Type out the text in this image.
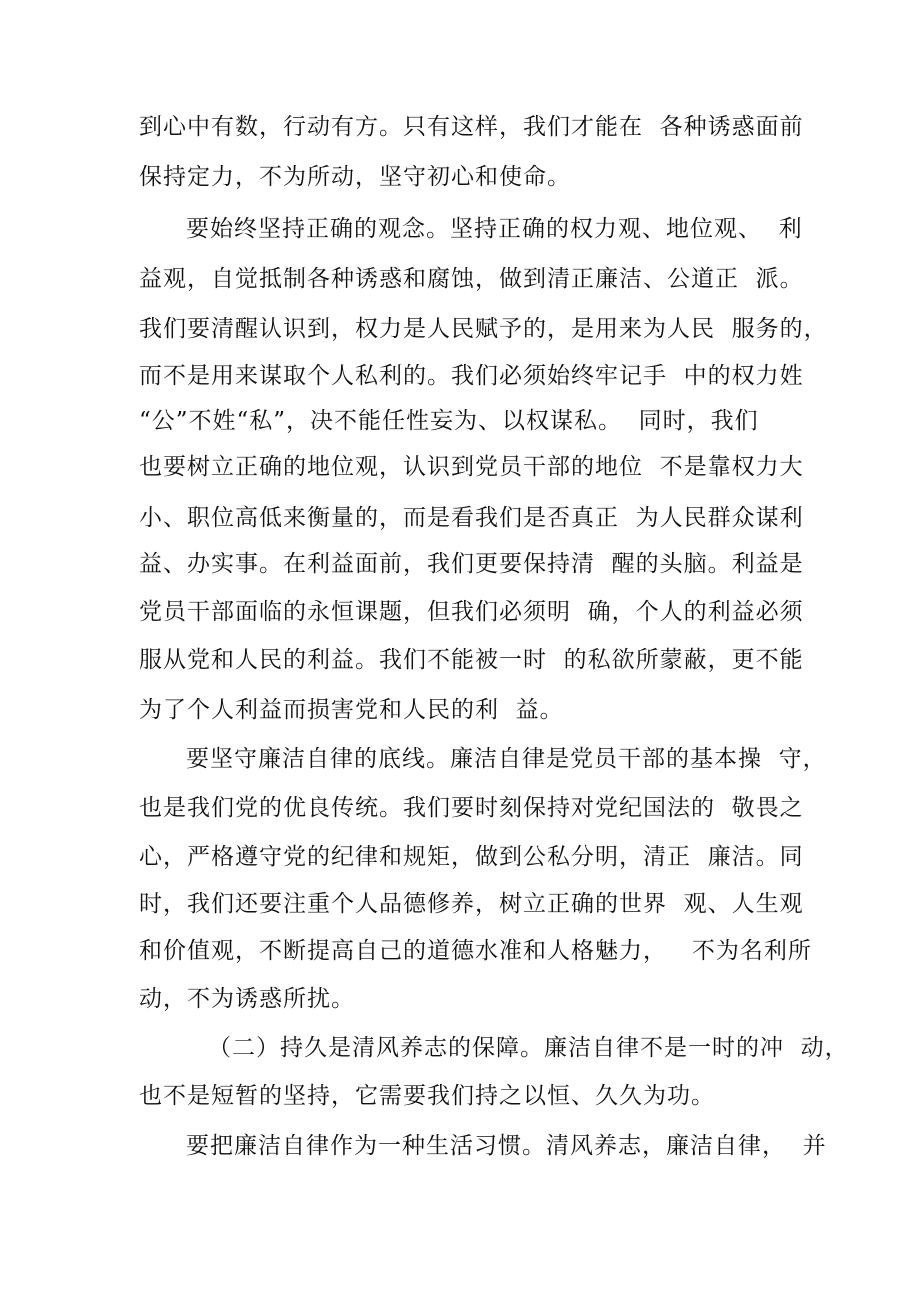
到心中有数，行动有方。只有这样，我们才能在  各种诱惑面前
保持定力，不为所动，坚守初心和使命。
要始终坚持正确的观念。坚持正确的权力观、地位观、  利
益观，自觉抵制各种诱惑和腐蚀，做到清正廉洁、公道正  派。
我们要清醒认识到，权力是人民赋予的，是用来为人民  服务的，
而不是用来谋取个人私利的。我们必须始终牢记手  中的权力姓
“公”不姓“私”，决不能任性妄为、以权谋私。  同时，我们
也要树立正确的地位观，认识到党员干部的地位  不是靠权力大
小、职位高低来衡量的，而是看我们是否真正  为人民群众谋利
益、办实事。在利益面前，我们更要保持清  醒的头脑。利益是
党员干部面临的永恒课题，但我们必须明  确，个人的利益必须
服从党和人民的利益。我们不能被一时  的私欲所蒙蔽，更不能
为了个人利益而损害党和人民的利  益。
要坚守廉洁自律的底线。廉洁自律是党员干部的基本操  守，
也是我们党的优良传统。我们要时刻保持对党纪国法的  敬畏之
心，严格遵守党的纪律和规矩，做到公私分明，清正  廉洁。同
时，我们还要注重个人品德修养，树立正确的世界  观、人生观
和价值观，不断提高自己的道德水准和人格魅力，   不为名利所
动，不为诱惑所扰。
（二）持久是清风养志的保障。廉洁自律不是一时的冲  动，
也不是短暂的坚持，它需要我们持之以恒、久久为功。
要把廉洁自律作为一种生活习惯。清风养志，廉洁自律，  并
